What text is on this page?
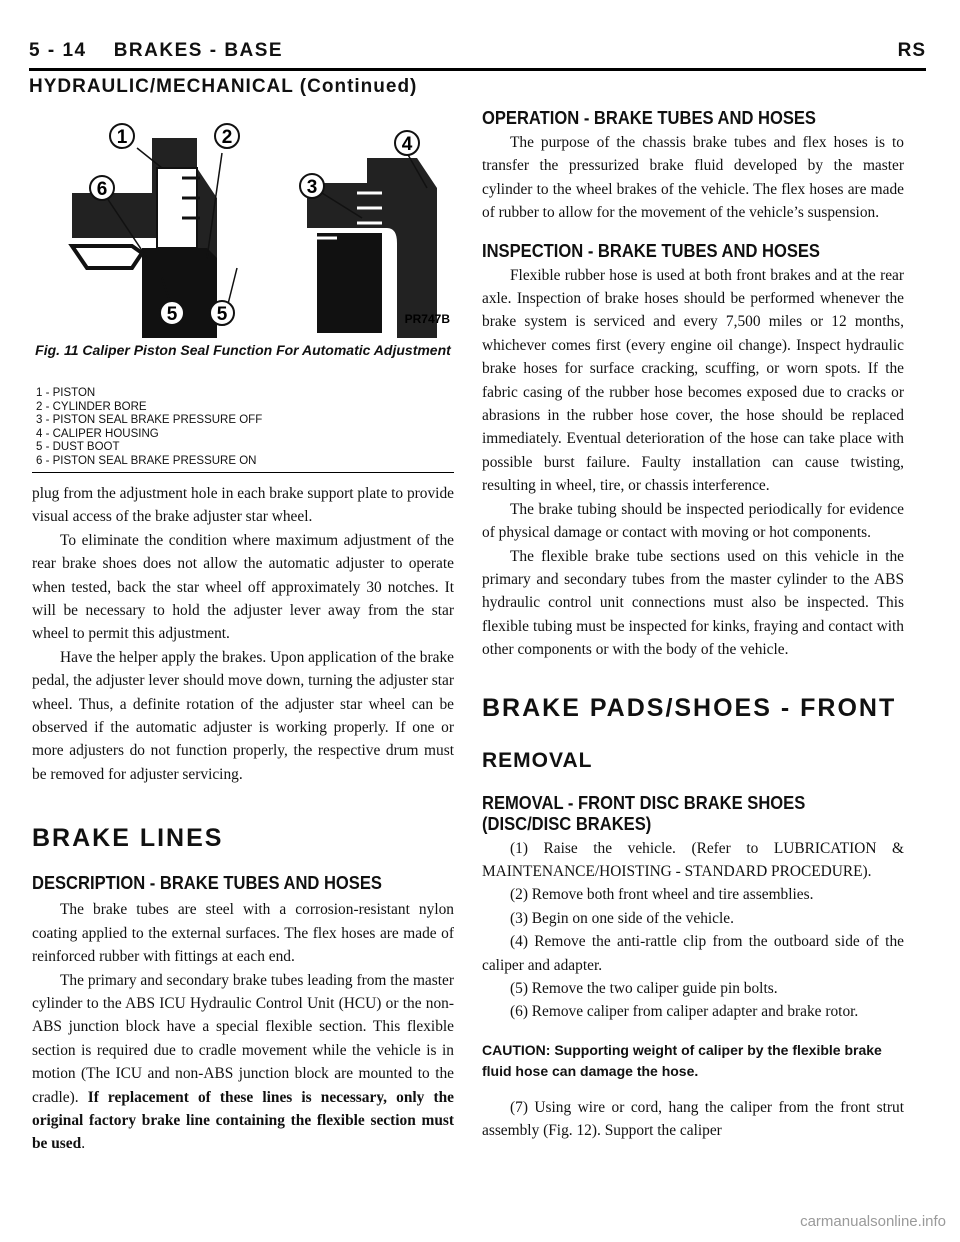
5 - 14    BRAKES - BASE	RS
HYDRAULIC/MECHANICAL (Continued)
1	2
3
4
5 5
6
PR747B

Fig. 11 Caliper Piston Seal Function For Automatic Adjustment

1 - PISTON
2 - CYLINDER BORE
3 - PISTON SEAL BRAKE PRESSURE OFF
4 - CALIPER HOUSING
5 - DUST BOOT
6 - PISTON SEAL BRAKE PRESSURE ON

plug from the adjustment hole in each brake support plate to provide visual access of the brake adjuster star wheel.

To eliminate the condition where maximum adjustment of the rear brake shoes does not allow the automatic adjuster to operate when tested, back the star wheel off approximately 30 notches. It will be necessary to hold the adjuster lever away from the star wheel to permit this adjustment.

Have the helper apply the brakes. Upon application of the brake pedal, the adjuster lever should move down, turning the adjuster star wheel. Thus, a definite rotation of the adjuster star wheel can be observed if the automatic adjuster is working properly. If one or more adjusters do not function properly, the respective drum must be removed for adjuster servicing.

BRAKE LINES

DESCRIPTION - BRAKE TUBES AND HOSES

The brake tubes are steel with a corrosion-resistant nylon coating applied to the external surfaces. The flex hoses are made of reinforced rubber with fittings at each end.

The primary and secondary brake tubes leading from the master cylinder to the ABS ICU Hydraulic Control Unit (HCU) or the non-ABS junction block have a special flexible section. This flexible section is required due to cradle movement while the vehicle is in motion (The ICU and non-ABS junction block are mounted to the cradle). If replacement of these lines is necessary, only the original factory brake line containing the flexible section must be used.

OPERATION - BRAKE TUBES AND HOSES

The purpose of the chassis brake tubes and flex hoses is to transfer the pressurized brake fluid developed by the master cylinder to the wheel brakes of the vehicle. The flex hoses are made of rubber to allow for the movement of the vehicle’s suspension.

INSPECTION - BRAKE TUBES AND HOSES

Flexible rubber hose is used at both front brakes and at the rear axle. Inspection of brake hoses should be performed whenever the brake system is serviced and every 7,500 miles or 12 months, whichever comes first (every engine oil change). Inspect hydraulic brake hoses for surface cracking, scuffing, or worn spots. If the fabric casing of the rubber hose becomes exposed due to cracks or abrasions in the rubber hose cover, the hose should be replaced immediately. Eventual deterioration of the hose can take place with possible burst failure. Faulty installation can cause twisting, resulting in wheel, tire, or chassis interference.

The brake tubing should be inspected periodically for evidence of physical damage or contact with moving or hot components.

The flexible brake tube sections used on this vehicle in the primary and secondary tubes from the master cylinder to the ABS hydraulic control unit connections must also be inspected. This flexible tubing must be inspected for kinks, fraying and contact with other components or with the body of the vehicle.

BRAKE PADS/SHOES - FRONT

REMOVAL

REMOVAL - FRONT DISC BRAKE SHOES

(DISC/DISC BRAKES)

(1) Raise the vehicle. (Refer to LUBRICATION & MAINTENANCE/HOISTING - STANDARD PROCEDURE).

(2) Remove both front wheel and tire assemblies.

(3) Begin on one side of the vehicle.

(4) Remove the anti-rattle clip from the outboard side of the caliper and adapter.

(5) Remove the two caliper guide pin bolts.

(6) Remove caliper from caliper adapter and brake rotor.

CAUTION: Supporting weight of caliper by the flexible brake fluid hose can damage the hose.

(7) Using wire or cord, hang the caliper from the front strut assembly (Fig. 12). Support the caliper

carmanualsonline.info
